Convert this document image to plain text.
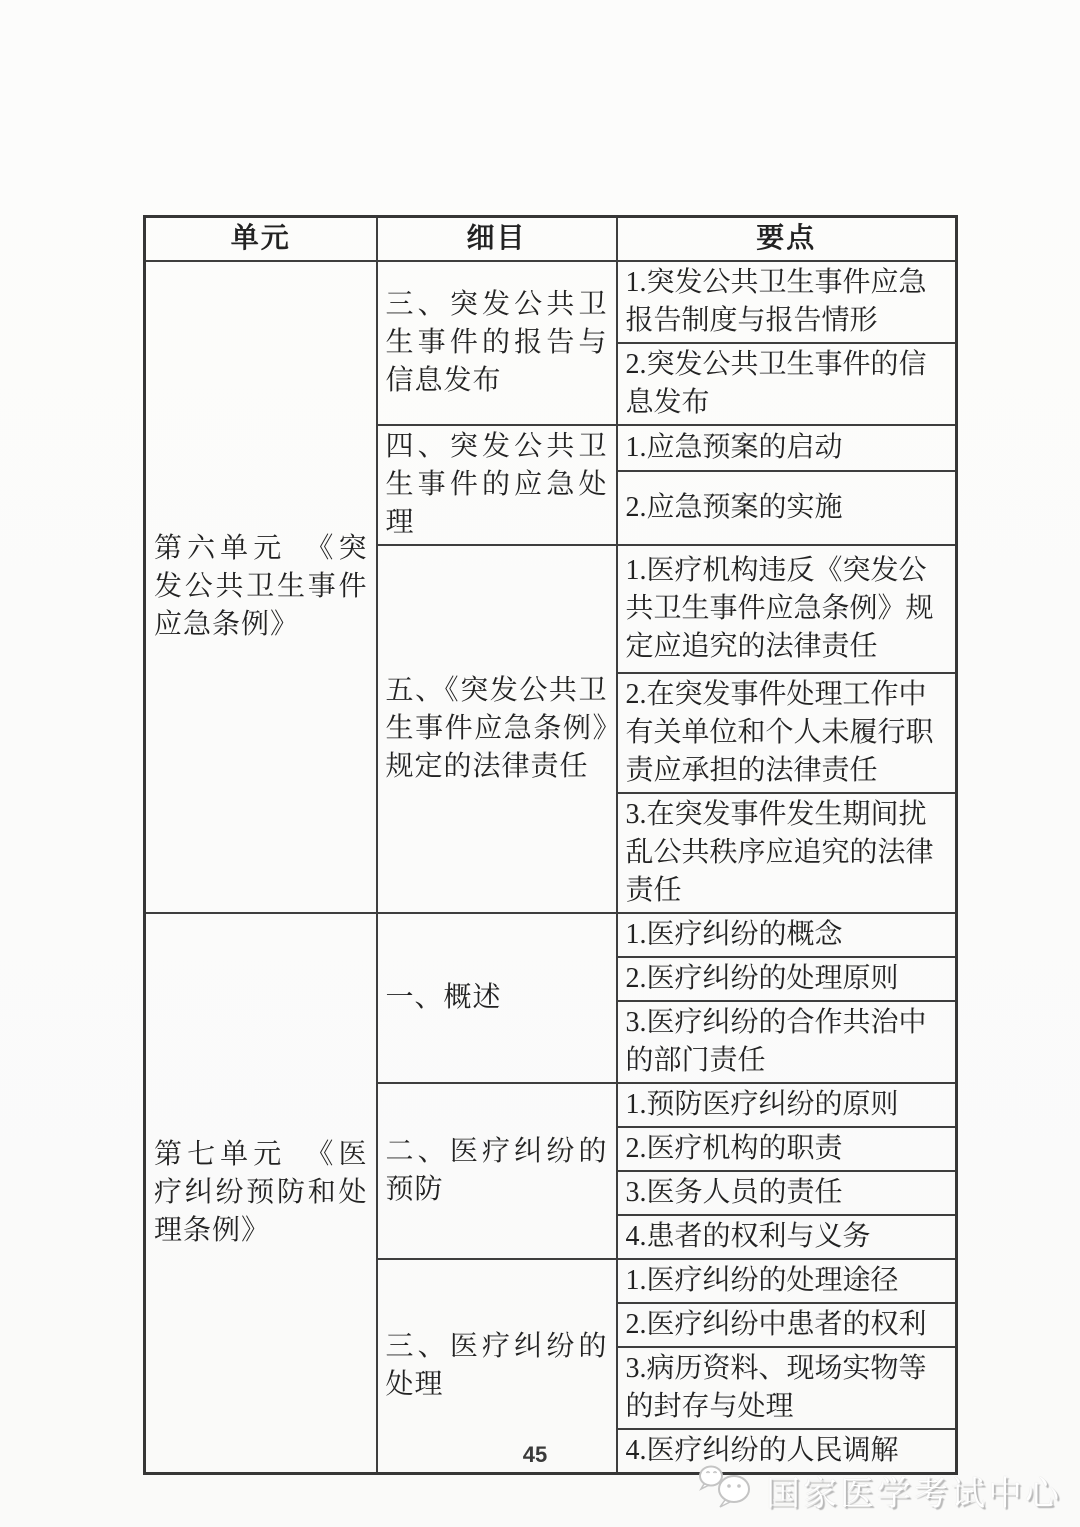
单元	细目	要点
第六单元　《突发公共卫生事件应急条例》	三、突发公共卫生事件的报告与信息发布	1.突发公共卫生事件应急报告制度与报告情形
		2.突发公共卫生事件的信息发布
	四、突发公共卫生事件的应急处理	1.应急预案的启动
		2.应急预案的实施
	五、《突发公共卫生事件应急条例》规定的法律责任	1.医疗机构违反《突发公共卫生事件应急条例》规定应追究的法律责任
		2.在突发事件处理工作中有关单位和个人未履行职责应承担的法律责任
		3.在突发事件发生期间扰乱公共秩序应追究的法律责任
第七单元　《医疗纠纷预防和处理条例》	一、概述	1.医疗纠纷的概念
		2.医疗纠纷的处理原则
		3.医疗纠纷的合作共治中的部门责任
	二、医疗纠纷的预防	1.预防医疗纠纷的原则
		2.医疗机构的职责
		3.医务人员的责任
		4.患者的权利与义务
	三、医疗纠纷的处理	1.医疗纠纷的处理途径
		2.医疗纠纷中患者的权利
		3.病历资料、现场实物等的封存与处理
		4.医疗纠纷的人民调解
45
国家医学考试中心
